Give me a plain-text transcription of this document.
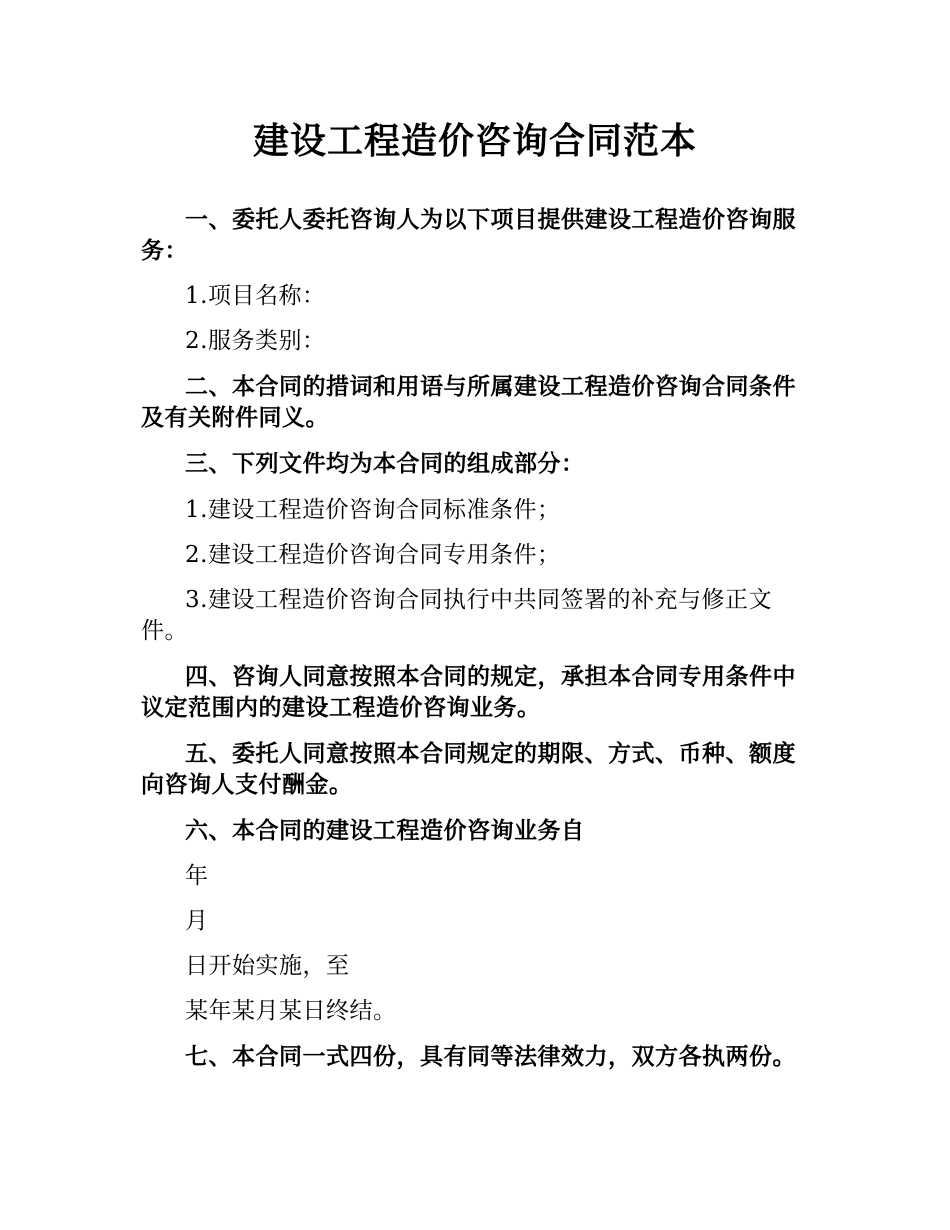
建设工程造价咨询合同范本

一、委托人委托咨询人为以下项目提供建设工程造价咨询服务：

1.项目名称：

2.服务类别：

二、本合同的措词和用语与所属建设工程造价咨询合同条件及有关附件同义。

三、下列文件均为本合同的组成部分：

1.建设工程造价咨询合同标准条件；

2.建设工程造价咨询合同专用条件；

3.建设工程造价咨询合同执行中共同签署的补充与修正文件。

四、咨询人同意按照本合同的规定，承担本合同专用条件中议定范围内的建设工程造价咨询业务。

五、委托人同意按照本合同规定的期限、方式、币种、额度向咨询人支付酬金。

六、本合同的建设工程造价咨询业务自

年

月

日开始实施，至

某年某月某日终结。

七、本合同一式四份，具有同等法律效力，双方各执两份。
